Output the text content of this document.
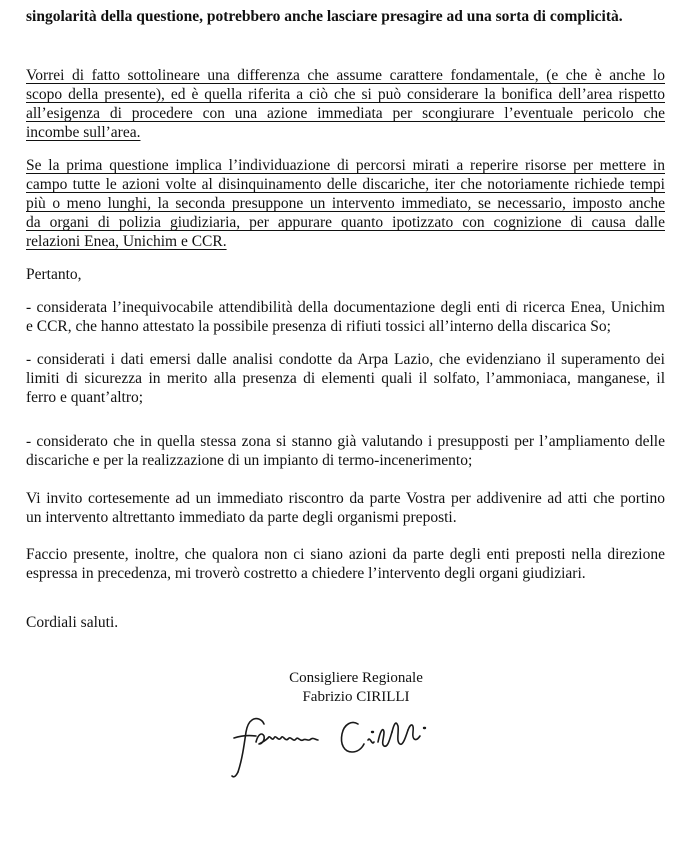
singolarità della questione, potrebbero anche lasciare presagire ad una sorta di complicità.
Vorrei di fatto sottolineare una differenza che assume carattere fondamentale, (e che è anche lo
scopo della presente), ed è quella riferita a ciò che si può considerare la bonifica dell’area rispetto
all’esigenza di procedere con una azione immediata per scongiurare l’eventuale pericolo che
incombe sull’area.
Se la prima questione implica l’individuazione di percorsi mirati a reperire risorse per mettere in
campo tutte le azioni volte al disinquinamento delle discariche, iter che notoriamente richiede tempi
più o meno lunghi, la seconda presuppone un intervento immediato, se necessario, imposto anche
da organi di polizia giudiziaria, per appurare quanto ipotizzato con cognizione di causa dalle
relazioni Enea, Unichim e CCR.
Pertanto,
- considerata l’inequivocabile attendibilità della documentazione degli enti di ricerca Enea, Unichim
e CCR, che hanno attestato la possibile presenza di rifiuti tossici all’interno della discarica So;
- considerati i dati emersi dalle analisi condotte da Arpa Lazio, che evidenziano il superamento dei
limiti di sicurezza in merito alla presenza di elementi quali il solfato, l’ammoniaca, manganese, il
ferro e quant’altro;
- considerato che in quella stessa zona si stanno già valutando i presupposti per l’ampliamento delle
discariche e per la realizzazione di un impianto di termo-incenerimento;
Vi invito cortesemente ad un immediato riscontro da parte Vostra per addivenire ad atti che portino
un intervento altrettanto immediato da parte degli organismi preposti.
Faccio presente, inoltre, che qualora non ci siano azioni da parte degli enti preposti nella direzione
espressa in precedenza, mi troverò costretto a chiedere l’intervento degli organi giudiziari.
Cordiali saluti.
Consigliere Regionale
Fabrizio CIRILLI
